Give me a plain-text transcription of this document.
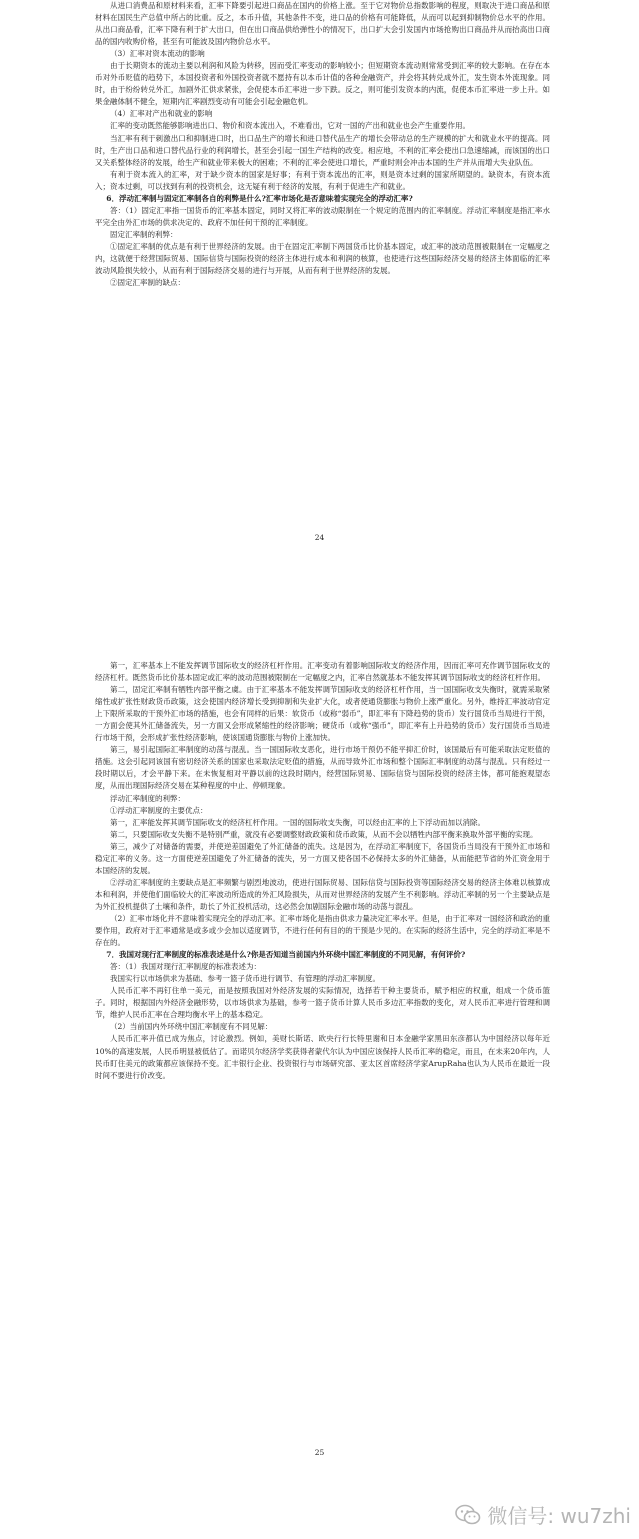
从进口消费品和原材料来看，汇率下降要引起进口商品在国内的价格上涨。至于它对物价总指数影响的程度，则取决于进口商品和原材料在国民生产总值中所占的比重。反之，本币升值，其他条件不变，进口品的价格有可能降低，从而可以起到抑制物价总水平的作用。从出口商品看，汇率下降有利于扩大出口，但在出口商品供给弹性小的情况下，出口扩大会引发国内市场抢购出口商品并从而抬高出口商品的国内收购价格，甚至有可能波及国内物价总水平。

（3）汇率对资本流动的影响

由于长期资本的流动主要以利润和风险为转移，因而受汇率变动的影响较小；但短期资本流动则常常受到汇率的较大影响。在存在本币对外币贬值的趋势下，本国投资者和外国投资者就不愿持有以本币计值的各种金融资产，并会将其转兑成外汇，发生资本外流现象。同时，由于纷纷转兑外汇，加剧外汇供求紧张，会促使本币汇率进一步下跌。反之，则可能引发资本的内流，促使本币汇率进一步上升。如果金融体制不健全，短期内汇率剧烈变动有可能会引起金融危机。

（4）汇率对产出和就业的影响

汇率的变动既然能够影响进出口、物价和资本流出入，不难看出，它对一国的产出和就业也会产生重要作用。

当汇率有利于刺激出口和抑制进口时，出口品生产的增长和进口替代品生产的增长会带动总的生产规模的扩大和就业水平的提高。同时，生产出口品和进口替代品行业的利润增长，甚至会引起一国生产结构的改变。相应地，不利的汇率会使出口急速缩减，而该国的出口又关系整体经济的发展，给生产和就业带来极大的困难；不利的汇率会使进口增长，严重时则会冲击本国的生产并从而增大失业队伍。

有利于资本流入的汇率，对于缺少资本的国家是好事；有利于资本流出的汇率，则是资本过剩的国家所期望的。缺资本，有资本流入；资本过剩，可以找到有利的投资机会，这无疑有利于经济的发展，有利于促进生产和就业。

6．浮动汇率制与固定汇率制各自的利弊是什么?汇率市场化是否意味着实现完全的浮动汇率?

答：（1）固定汇率指一国货币的汇率基本固定，同时又将汇率的波动限制在一个规定的范围内的汇率制度。浮动汇率制度是指汇率水平完全由外汇市场的供求决定的、政府不加任何干预的汇率制度。

固定汇率制的利弊：

①固定汇率制的优点是有利于世界经济的发展。由于在固定汇率制下两国货币比价基本固定，或汇率的波动范围被限制在一定幅度之内，这就便于经营国际贸易、国际信贷与国际投资的经济主体进行成本和利润的核算，也使进行这些国际经济交易的经济主体面临的汇率波动风险损失较小，从而有利于国际经济交易的进行与开展，从而有利于世界经济的发展。

②固定汇率制的缺点：

24

第一，汇率基本上不能发挥调节国际收支的经济杠杆作用。汇率变动有着影响国际收支的经济作用，因而汇率可充作调节国际收支的经济杠杆。既然货币比价基本固定或汇率的波动范围被限制在一定幅度之内，汇率自然就基本不能发挥其调节国际收支的经济杠杆作用。

第二，固定汇率制有牺牲内部平衡之虞。由于汇率基本不能发挥调节国际收支的经济杠杆作用，当一国国际收支失衡时，就需采取紧缩性或扩张性财政货币政策，这会使国内经济增长受到抑制和失业扩大化，或者使通货膨胀与物价上涨严重化。另外，维持汇率波动官定上下限所采取的干预外汇市场的措施，也会有同样的后果：软货币（或称“弱币”，即汇率有下降趋势的货币）发行国货币当局进行干预，一方面会使其外汇储备流失，另一方面又会形成紧缩性的经济影响；硬货币（或称“强币”，即汇率有上升趋势的货币）发行国货币当局进行市场干预，会形成扩张性经济影响，使该国通货膨胀与物价上涨加快。

第三，易引起国际汇率制度的动荡与混乱。当一国国际收支恶化，进行市场干预仍不能平抑汇价时，该国最后有可能采取法定贬值的措施。这会引起同该国有密切经济关系的国家也采取法定贬值的措施，从而导致外汇市场和整个国际汇率制度的动荡与混乱。只有经过一段时期以后，才会平静下来。在未恢复相对平静以前的这段时期内，经营国际贸易、国际信贷与国际投资的经济主体，都可能抱观望态度，从而出现国际经济交易在某种程度的中止、停顿现象。

浮动汇率制度的利弊：

①浮动汇率制度的主要优点：

第一，汇率能发挥其调节国际收支的经济杠杆作用。一国的国际收支失衡，可以经由汇率的上下浮动而加以消除。

第二，只要国际收支失衡不是特别严重，就没有必要调整财政政策和货币政策，从而不会以牺牲内部平衡来换取外部平衡的实现。

第三，减少了对储备的需要，并使逆差国避免了外汇储备的流失。这是因为，在浮动汇率制度下，各国货币当局没有干预外汇市场和稳定汇率的义务。这一方面使逆差国避免了外汇储备的流失，另一方面又使各国不必保持太多的外汇储备，从而能把节省的外汇资金用于本国经济的发展。

②浮动汇率制度的主要缺点是汇率频繁与剧烈地波动，使进行国际贸易、国际信贷与国际投资等国际经济交易的经济主体难以核算成本和利润，并使他们面临较大的汇率波动所造成的外汇风险损失，从而对世界经济的发展产生不利影响。浮动汇率制的另一个主要缺点是为外汇投机提供了土壤和条件，助长了外汇投机活动，这必然会加剧国际金融市场的动荡与混乱。

（2）汇率市场化并不意味着实现完全的浮动汇率。汇率市场化是指由供求力量决定汇率水平。但是，由于汇率对一国经济和政治的重要作用，政府对于汇率通常是或多或少会加以适度调节，不进行任何有目的的干预是少见的。在实际的经济生活中，完全的浮动汇率是不存在的。

7．我国对现行汇率制度的标准表述是什么?你是否知道当前国内外环绕中国汇率制度的不同见解，有何评价?

答：（1）我国对现行汇率制度的标准表述为：

我国实行以市场供求为基础、参考一篮子货币进行调节、有管理的浮动汇率制度。

人民币汇率不再钉住单一美元，而是按照我国对外经济发展的实际情况，选择若干种主要货币，赋予相应的权重，组成一个货币篮子。同时，根据国内外经济金融形势，以市场供求为基础，参考一篮子货币计算人民币多边汇率指数的变化，对人民币汇率进行管理和调节，维护人民币汇率在合理均衡水平上的基本稳定。

（2）当前国内外环绕中国汇率制度有不同见解：

人民币汇率升值已成为焦点，讨论激烈。例如，美财长斯诺、欧央行行长特里谢和日本金融学家黑田东彦都认为中国经济以每年近10%的高速发展，人民币明显被低估了。而诺贝尔经济学奖获得者蒙代尔认为中国应该保持人民币汇率的稳定，而且，在未来20年内，人民币盯住美元的政策都应该保持不变。汇丰银行企业、投资银行与市场研究部、亚太区首席经济学家ArupRaha也认为人民币在最近一段时间不要进行价改变。

25
微信号: wu7zhi
